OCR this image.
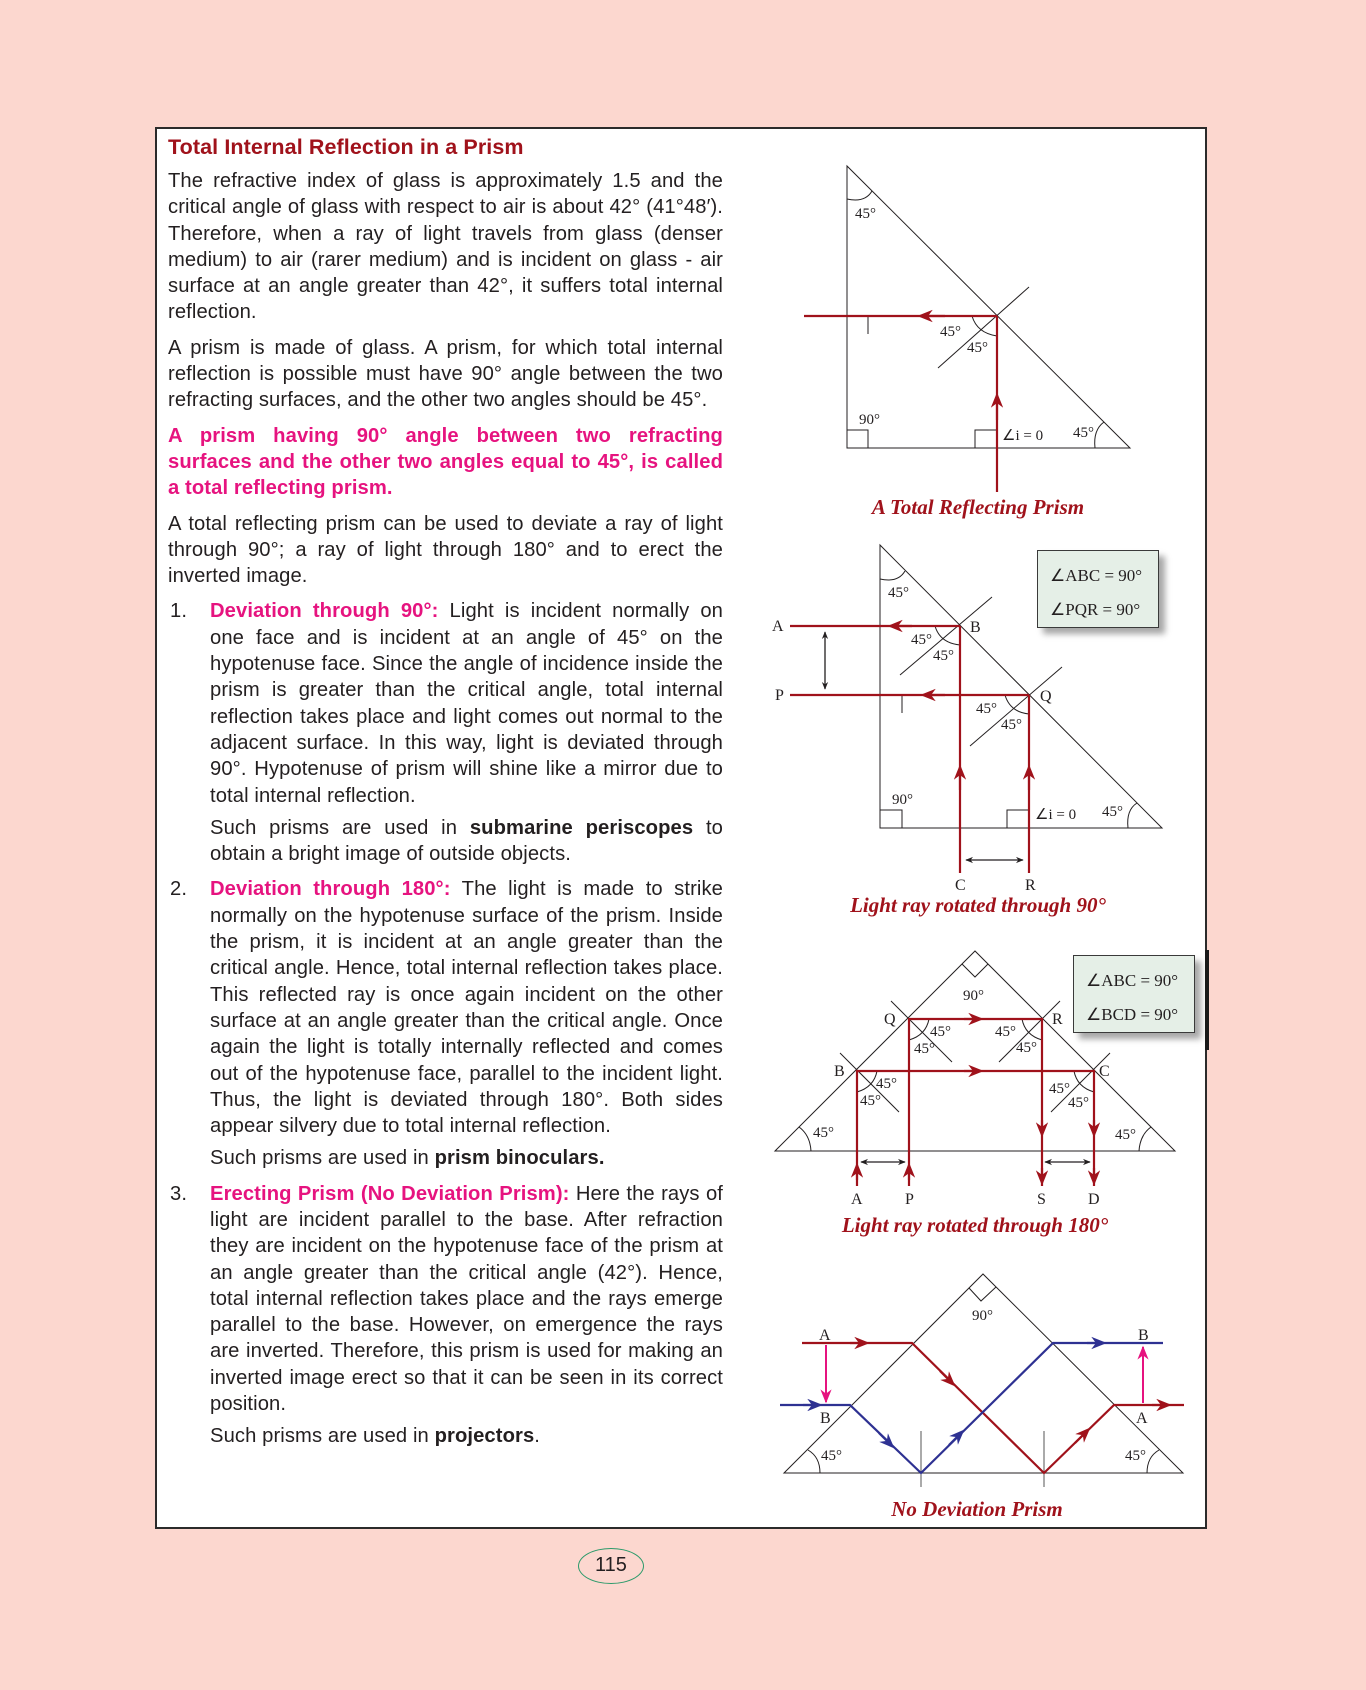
Total Internal Reflection in a Prism

The refractive index of glass is approximately 1.5 and the critical angle of glass with respect to air is about 42° (41°48′). Therefore, when a ray of light travels from glass (denser medium) to air (rarer medium) and is incident on glass - air surface at an angle greater than 42°, it suffers total internal reflection.

A prism is made of glass. A prism, for which total internal reflection is possible must have 90° angle between the two refracting surfaces, and the other two angles should be 45°.

A prism having 90° angle between two refracting surfaces and the other two angles equal to 45°, is called a total reflecting prism.

A total reflecting prism can be used to deviate a ray of light through 90°; a ray of light through 180° and to erect the inverted image.

1. Deviation through 90°: Light is incident normally on one face and is incident at an angle of 45° on the hypotenuse face. Since the angle of incidence inside the prism is greater than the critical angle, total internal reflection takes place and light comes out normal to the adjacent surface. In this way, light is deviated through 90°. Hypotenuse of prism will shine like a mirror due to total internal reflection.

Such prisms are used in submarine periscopes to obtain a bright image of outside objects.

2. Deviation through 180°: The light is made to strike normally on the hypotenuse surface of the prism. Inside the prism, it is incident at an angle greater than the critical angle. Hence, total internal reflection takes place. This reflected ray is once again incident on the other surface at an angle greater than the critical angle. Once again the light is totally internally reflected and comes out of the hypotenuse face, parallel to the incident light. Thus, the light is deviated through 180°. Both sides appear silvery due to total internal reflection.

Such prisms are used in prism binoculars.

3. Erecting Prism (No Deviation Prism): Here the rays of light are incident parallel to the base. After refraction they are incident on the hypotenuse face of the prism at an angle greater than the critical angle (42°). Hence, total internal reflection takes place and the rays emerge parallel to the base. However, on emergence the rays are inverted. Therefore, this prism is used for making an inverted image erect so that it can be seen in its correct position.

Such prisms are used in projectors.

45°
45°
45°
90°
∠i = 0 45°
A Total Reflecting Prism
45°
A
P
B
Q
45°
45°
45°
45°
90°
∠i = 0 45°
C	R
Light ray rotated through 90°
90°
Q	R
B	C
45°
45°
45°
45°
45°
45°
45°
45°
45°	45°
A	P	S	D
Light ray rotated through 180°
90°
A
B
B
A
45°	45°
No Deviation Prism
∠ABC = 90°
∠PQR = 90°
∠ABC = 90°
∠BCD = 90°
115
